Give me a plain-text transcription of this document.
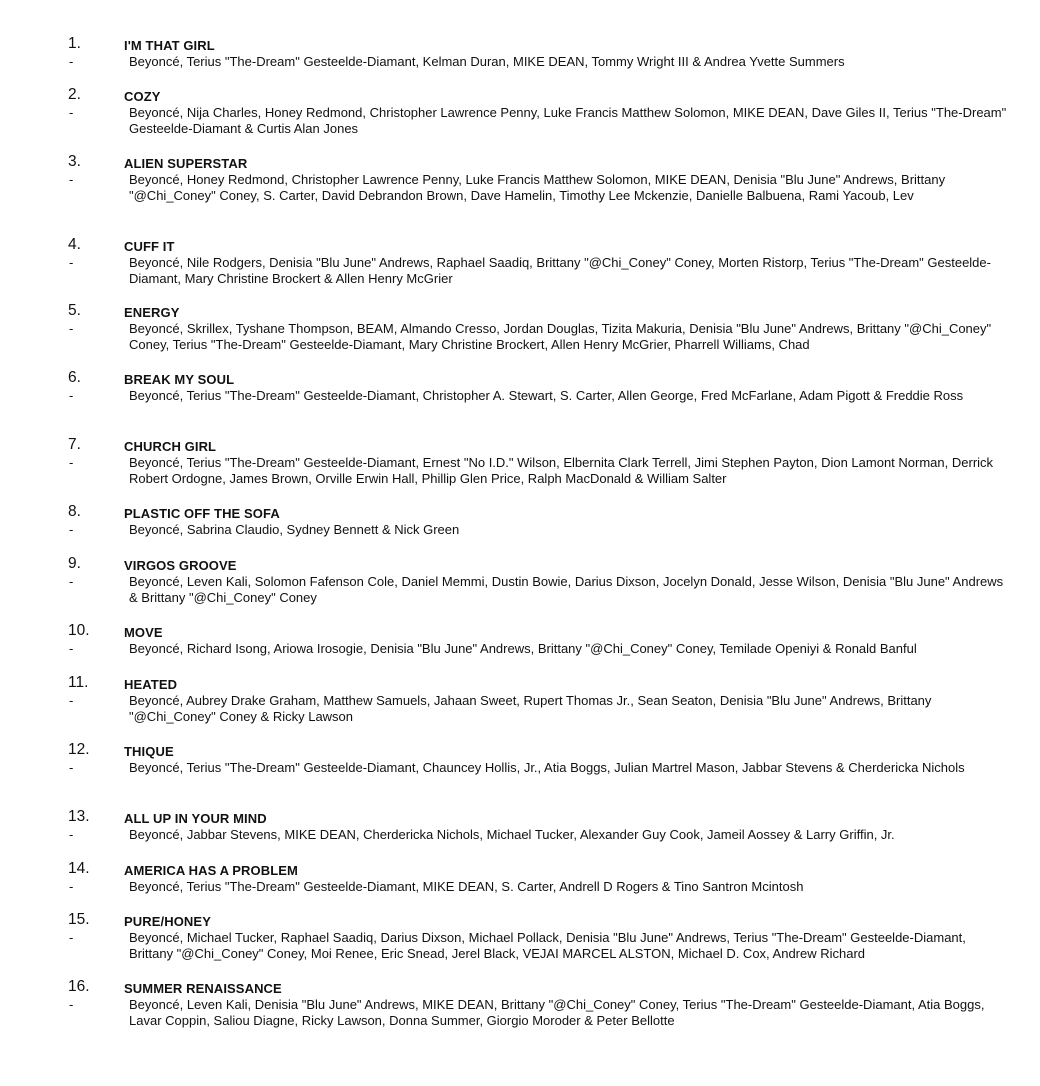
1.	I'M THAT GIRL
-	Beyoncé, Terius "The-Dream" Gesteelde-Diamant, Kelman Duran, MIKE DEAN, Tommy Wright III & Andrea Yvette Summers
2.	COZY
-	Beyoncé, Nija Charles, Honey Redmond, Christopher Lawrence Penny, Luke Francis Matthew Solomon, MIKE DEAN, Dave Giles II, Terius "The-Dream" Gesteelde-Diamant & Curtis Alan Jones
3.	ALIEN SUPERSTAR
-	Beyoncé, Honey Redmond, Christopher Lawrence Penny, Luke Francis Matthew Solomon, MIKE DEAN, Denisia "Blu June" Andrews, Brittany "@Chi_Coney" Coney, S. Carter, David Debrandon Brown, Dave Hamelin, Timothy Lee Mckenzie, Danielle Balbuena, Rami Yacoub, Lev
4.	CUFF IT
-	Beyoncé, Nile Rodgers, Denisia "Blu June" Andrews, Raphael Saadiq, Brittany "@Chi_Coney" Coney, Morten Ristorp, Terius "The-Dream" Gesteelde-Diamant, Mary Christine Brockert & Allen Henry McGrier
5.	ENERGY
-	Beyoncé, Skrillex, Tyshane Thompson, BEAM, Almando Cresso, Jordan Douglas, Tizita Makuria, Denisia "Blu June" Andrews, Brittany "@Chi_Coney" Coney, Terius "The-Dream" Gesteelde-Diamant, Mary Christine Brockert, Allen Henry McGrier, Pharrell Williams, Chad
6.	BREAK MY SOUL
-	Beyoncé, Terius "The-Dream" Gesteelde-Diamant, Christopher A. Stewart, S. Carter, Allen George, Fred McFarlane, Adam Pigott & Freddie Ross
7.	CHURCH GIRL
-	Beyoncé, Terius "The-Dream" Gesteelde-Diamant, Ernest "No I.D." Wilson, Elbernita Clark Terrell, Jimi Stephen Payton, Dion Lamont Norman, Derrick Robert Ordogne, James Brown, Orville Erwin Hall, Phillip Glen Price, Ralph MacDonald & William Salter
8.	PLASTIC OFF THE SOFA
-	Beyoncé, Sabrina Claudio, Sydney Bennett & Nick Green
9.	VIRGOS GROOVE
-	Beyoncé, Leven Kali, Solomon Fafenson Cole, Daniel Memmi, Dustin Bowie, Darius Dixson, Jocelyn Donald, Jesse Wilson, Denisia "Blu June" Andrews & Brittany "@Chi_Coney" Coney
10.	MOVE
-	Beyoncé, Richard Isong, Ariowa Irosogie, Denisia "Blu June" Andrews, Brittany "@Chi_Coney" Coney, Temilade Openiyi & Ronald Banful
11.	HEATED
-	Beyoncé, Aubrey Drake Graham, Matthew Samuels, Jahaan Sweet, Rupert Thomas Jr., Sean Seaton, Denisia "Blu June" Andrews, Brittany "@Chi_Coney" Coney & Ricky Lawson
12.	THIQUE
-	Beyoncé, Terius "The-Dream" Gesteelde-Diamant, Chauncey Hollis, Jr., Atia Boggs, Julian Martrel Mason, Jabbar Stevens & Cherdericka Nichols
13.	ALL UP IN YOUR MIND
-	Beyoncé, Jabbar Stevens, MIKE DEAN, Cherdericka Nichols, Michael Tucker, Alexander Guy Cook, Jameil Aossey & Larry Griffin, Jr.
14.	AMERICA HAS A PROBLEM
-	Beyoncé, Terius "The-Dream" Gesteelde-Diamant, MIKE DEAN, S. Carter, Andrell D Rogers & Tino Santron Mcintosh
15.	PURE/HONEY
-	Beyoncé, Michael Tucker, Raphael Saadiq, Darius Dixson, Michael Pollack, Denisia "Blu June" Andrews, Terius "The-Dream" Gesteelde-Diamant, Brittany "@Chi_Coney" Coney, Moi Renee, Eric Snead, Jerel Black, VEJAI MARCEL ALSTON, Michael D. Cox, Andrew Richard
16.	SUMMER RENAISSANCE
-	Beyoncé, Leven Kali, Denisia "Blu June" Andrews, MIKE DEAN, Brittany "@Chi_Coney" Coney, Terius "The-Dream" Gesteelde-Diamant, Atia Boggs, Lavar Coppin, Saliou Diagne, Ricky Lawson, Donna Summer, Giorgio Moroder & Peter Bellotte
